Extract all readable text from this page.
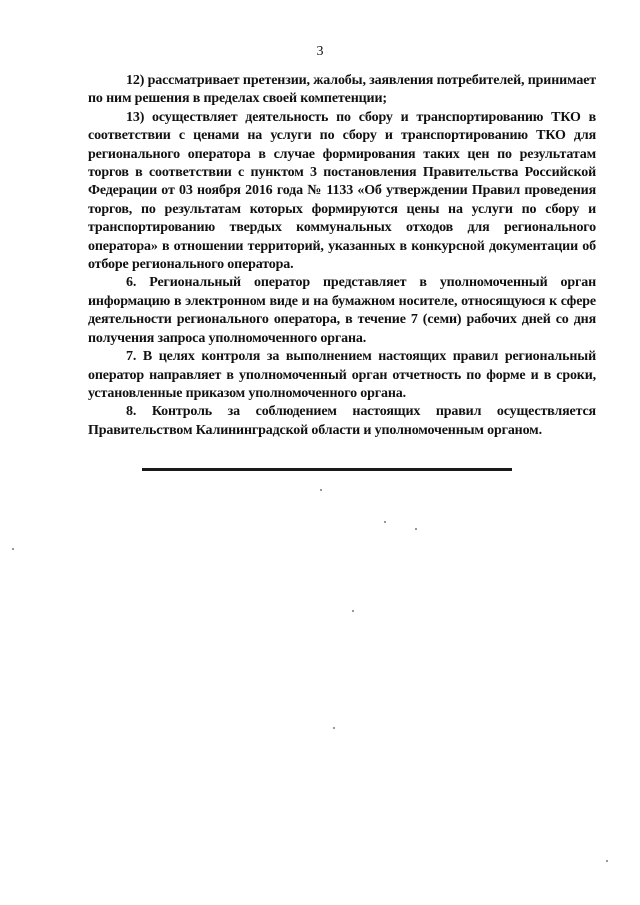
3

12) рассматривает претензии, жалобы, заявления потребителей, принимает по ним решения в пределах своей компетенции;

13) осуществляет деятельность по сбору и транспортированию ТКО в соответствии с ценами на услуги по сбору и транспортированию ТКО для регионального оператора в случае формирования таких цен по результатам торгов в соответствии с пунктом 3 постановления Правительства Российской Федерации от 03 ноября 2016 года № 1133 «Об утверждении Правил проведения торгов, по результатам которых формируются цены на услуги по сбору и транспортированию твердых коммунальных отходов для регионального оператора» в отношении территорий, указанных в конкурсной документации об отборе регионального оператора.

6. Региональный оператор представляет в уполномоченный орган информацию в электронном виде и на бумажном носителе, относящуюся к сфере деятельности регионального оператора, в течение 7 (семи) рабочих дней со дня получения запроса уполномоченного органа.

7. В целях контроля за выполнением настоящих правил региональный оператор направляет в уполномоченный орган отчетность по форме и в сроки, установленные приказом уполномоченного органа.

8. Контроль за соблюдением настоящих правил осуществляется Правительством Калининградской области и уполномоченным органом.
